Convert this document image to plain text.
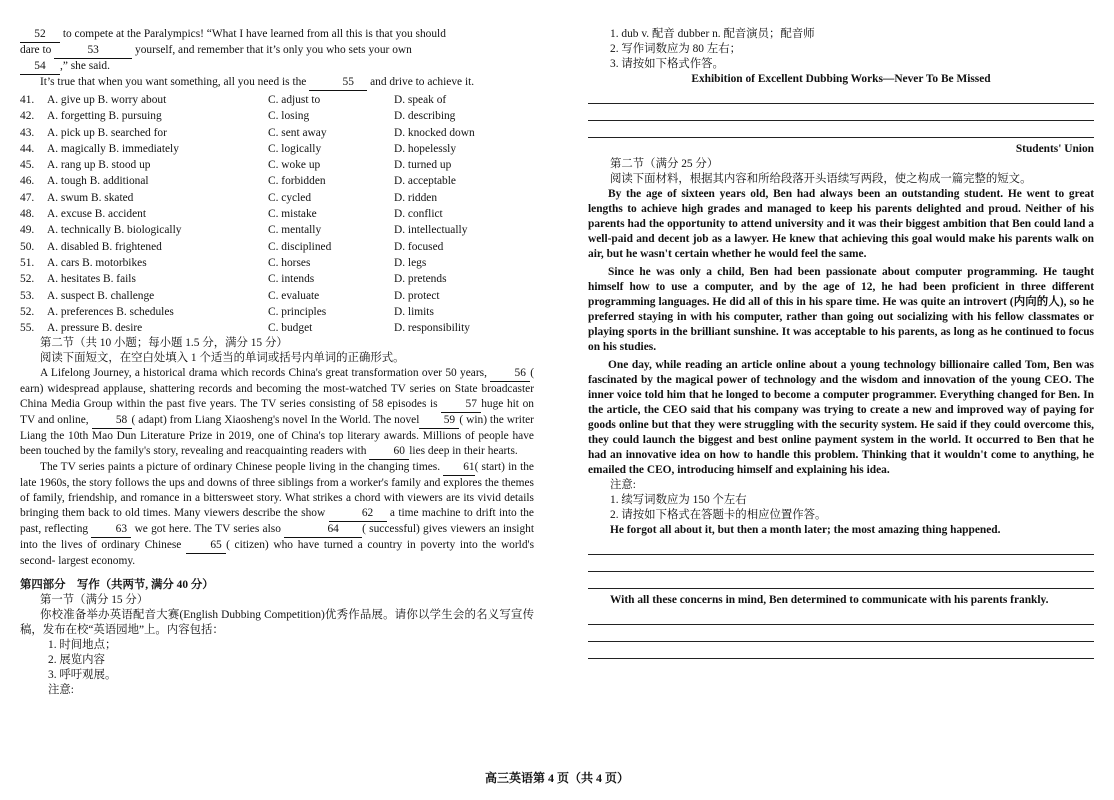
52 to compete at the Paralympics! “What I have learned from all this is that you should

dare to	53	yourself, and remember that it’s only you who sets your own

54 ,” she said.

It’s true that when you want something, all you need is the	55 and drive to achieve it.

41.	A. give up B. worry about	C. adjust to	D. speak of
42.	A. forgetting B. pursuing	C. losing	D. describing
43.	A. pick up B. searched for	C. sent away	D. knocked down
44.	A. magically B. immediately	C. logically	D. hopelessly
45.	A. rang up B. stood up	C. woke up	D. turned up
46.	A. tough B. additional	C. forbidden	D. acceptable
47.	A. swum B. skated	C. cycled	D. ridden
48.	A. excuse B. accident	C. mistake	D. conflict
49.	A. technically B. biologically	C. mentally	D. intellectually
50.	A. disabled B. frightened	C. disciplined	D. focused
51.	A. cars B. motorbikes	C. horses	D. legs
52.	A. hesitates B. fails	C. intends	D. pretends
53.	A. suspect B. challenge	C. evaluate	D. protect
52.	A. preferences B. schedules	C. principles	D. limits
55.	A. pressure B. desire	C. budget	D. responsibility

第二节（共 10 小题；每小题 1.5 分，满分 15 分）

阅读下面短文，在空白处填入 1 个适当的单词或括号内单词的正确形式。

A Lifelong Journey, a historical drama which records China's great transformation over 50 years, 56 ( earn) widespread applause, shattering records and becoming the most-watched TV series on State broadcaster China Media Group within the past five years. The TV series consisting of 58 episodes is 57 huge hit on TV and online, 58 ( adapt) from Liang Xiaosheng's novel In the World. The novel 59 ( win) the writer Liang the 10th Mao Dun Literature Prize in 2019, one of China's top literary awards. Millions of people have been touched by the family's story, revealing and reacquainting readers with 60 lies deep in their hearts.

The TV series paints a picture of ordinary Chinese people living in the changing times. 61( start) in the late 1960s, the story follows the ups and downs of three siblings from a worker's family and explores the themes of family, friendship, and romance in a bittersweet story. What strikes a chord with viewers are its vivid details bringing them back to old times. Many viewers describe the show	62 a time machine to drift into the past, reflecting 63 we got here. The TV series also	64 ( successful) gives viewers an insight into the lives of ordinary Chinese 65 ( citizen) who have turned a country in poverty into the world's second- largest economy.

第四部分　写作（共两节, 满分 40 分）

第一节（满分 15 分）

你校准备举办英语配音大赛(English Dubbing Competition)优秀作品展。请你以学生会的名义写宣传稿，发布在校“英语园地”上。内容包括：

1. 时间地点；

2. 展览内容

3. 呼吁观展。

注意:

1. dub v. 配音 dubber n. 配音演员；配音师

2. 写作词数应为 80 左右；

3. 请按如下格式作答。

Exhibition of Excellent Dubbing Works—Never To Be Missed

Students' Union

第二节（满分 25 分）

阅读下面材料，根据其内容和所给段落开头语续写两段，使之构成一篇完整的短文。

By the age of sixteen years old, Ben had always been an outstanding student. He went to great lengths to achieve high grades and managed to keep his parents delighted and proud. Neither of his parents had the opportunity to attend university and it was their biggest ambition that Ben could land a well-paid and decent job as a lawyer. He knew that achieving this goal would make his parents walk on air, but he wasn't certain whether he would feel the same.

Since he was only a child, Ben had been passionate about computer programming. He taught himself how to use a computer, and by the age of 12, he had been proficient in three different programming languages. He did all of this in his spare time. He was quite an introvert (内向的人), so he preferred staying in with his computer, rather than going out socializing with his fellow classmates or playing sports in the brilliant sunshine. It was acceptable to his parents, as long as he continued to focus on his studies.

One day, while reading an article online about a young technology billionaire called Tom, Ben was fascinated by the magical power of technology and the wisdom and innovation of the young CEO. The inner voice told him that he longed to become a computer programmer. Everything changed for Ben. In the article, the CEO said that his company was trying to create a new and improved way of paying for goods online but that they were struggling with the security system. He said if they could overcome this, they could launch the biggest and best online payment system in the world. It occurred to Ben that he had an innovative idea on how to handle this problem. Thinking that it wouldn't come to anything, he emailed the CEO, introducing himself and explaining his idea.

注意:

1. 续写词数应为 150 个左右

2. 请按如下格式在答题卡的相应位置作答。

He forgot all about it, but then a month later; the most amazing thing happened.

With all these concerns in mind, Ben determined to communicate with his parents frankly.

高三英语第 4 页（共 4 页）
